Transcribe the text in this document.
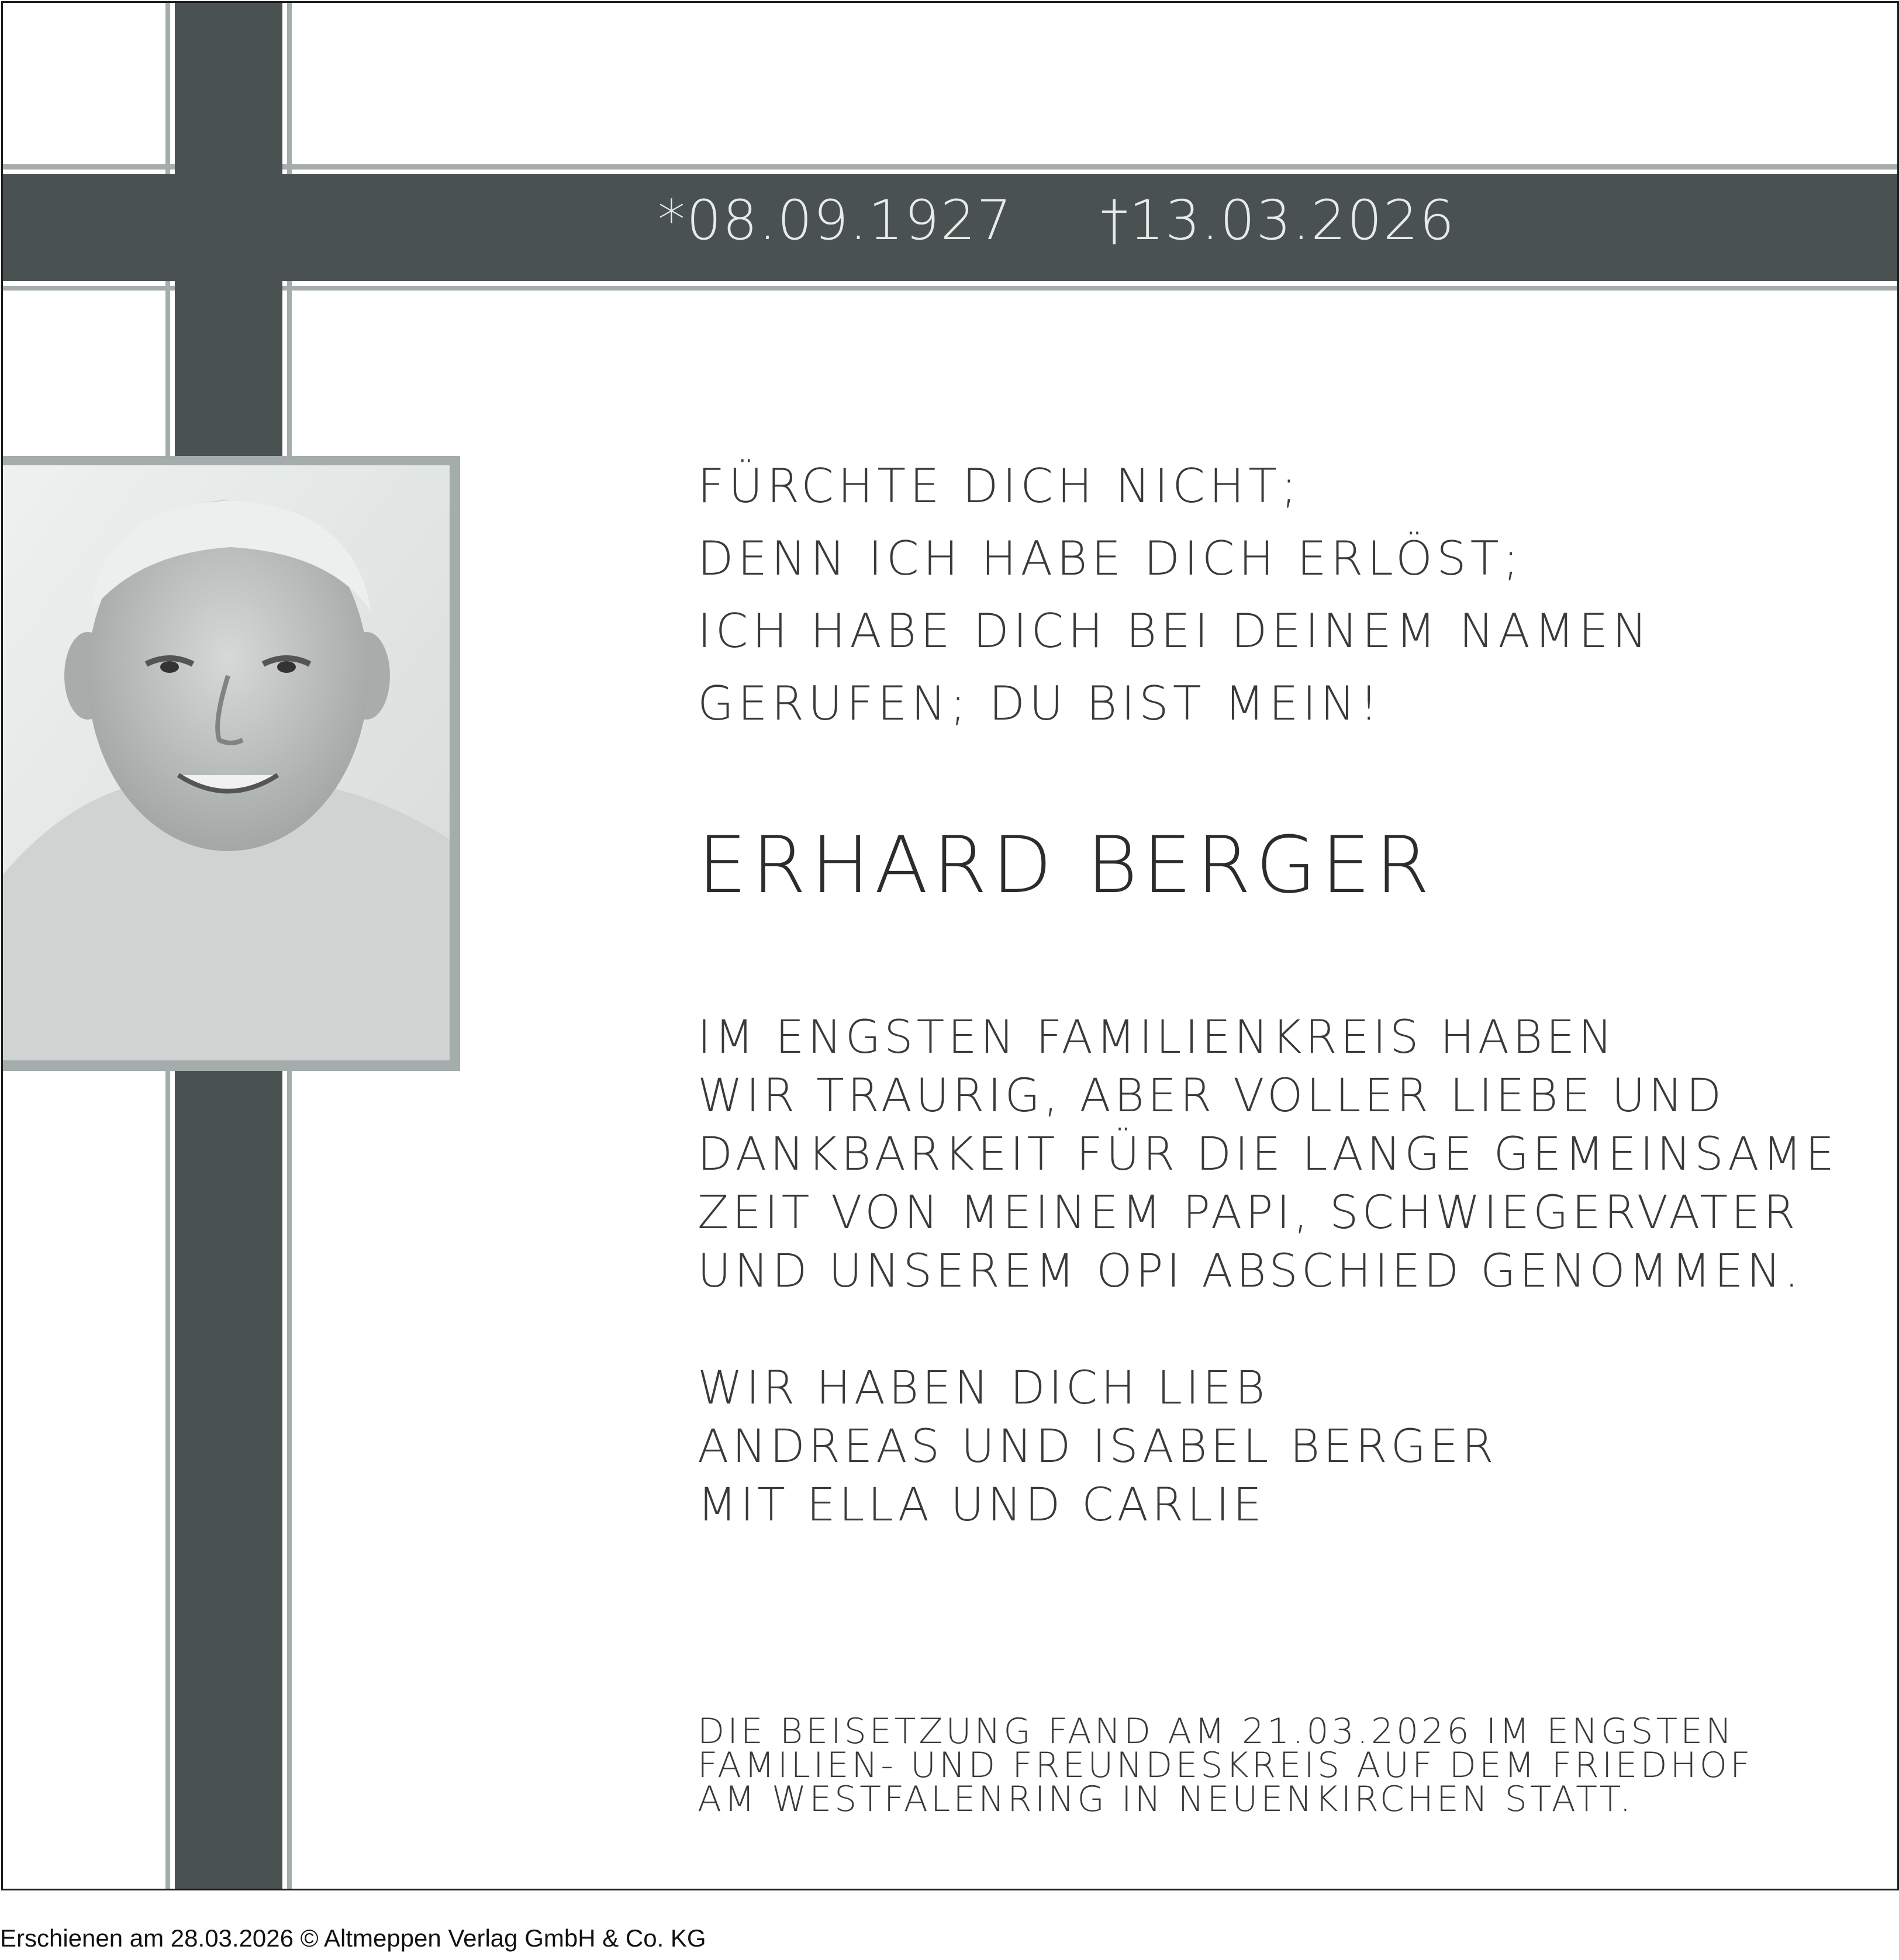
*08.09.1927 †13.03.2026
FÜRCHTE DICH NICHT;
DENN ICH HABE DICH ERLÖST;
ICH HABE DICH BEI DEINEM NAMEN
GERUFEN; DU BIST MEIN!
ERHARD BERGER
IM ENGSTEN FAMILIENKREIS HABEN
WIR TRAURIG, ABER VOLLER LIEBE UND
DANKBARKEIT FÜR DIE LANGE GEMEINSAME
ZEIT VON MEINEM PAPI, SCHWIEGERVATER
UND UNSEREM OPI ABSCHIED GENOMMEN.
WIR HABEN DICH LIEB
ANDREAS UND ISABEL BERGER
MIT ELLA UND CARLIE
DIE BEISETZUNG FAND AM 21.03.2026 IM ENGSTEN
FAMILIEN- UND FREUNDESKREIS AUF DEM FRIEDHOF
AM WESTFALENRING IN NEUENKIRCHEN STATT.
Erschienen am 28.03.2026 © Altmeppen Verlag GmbH & Co. KG
